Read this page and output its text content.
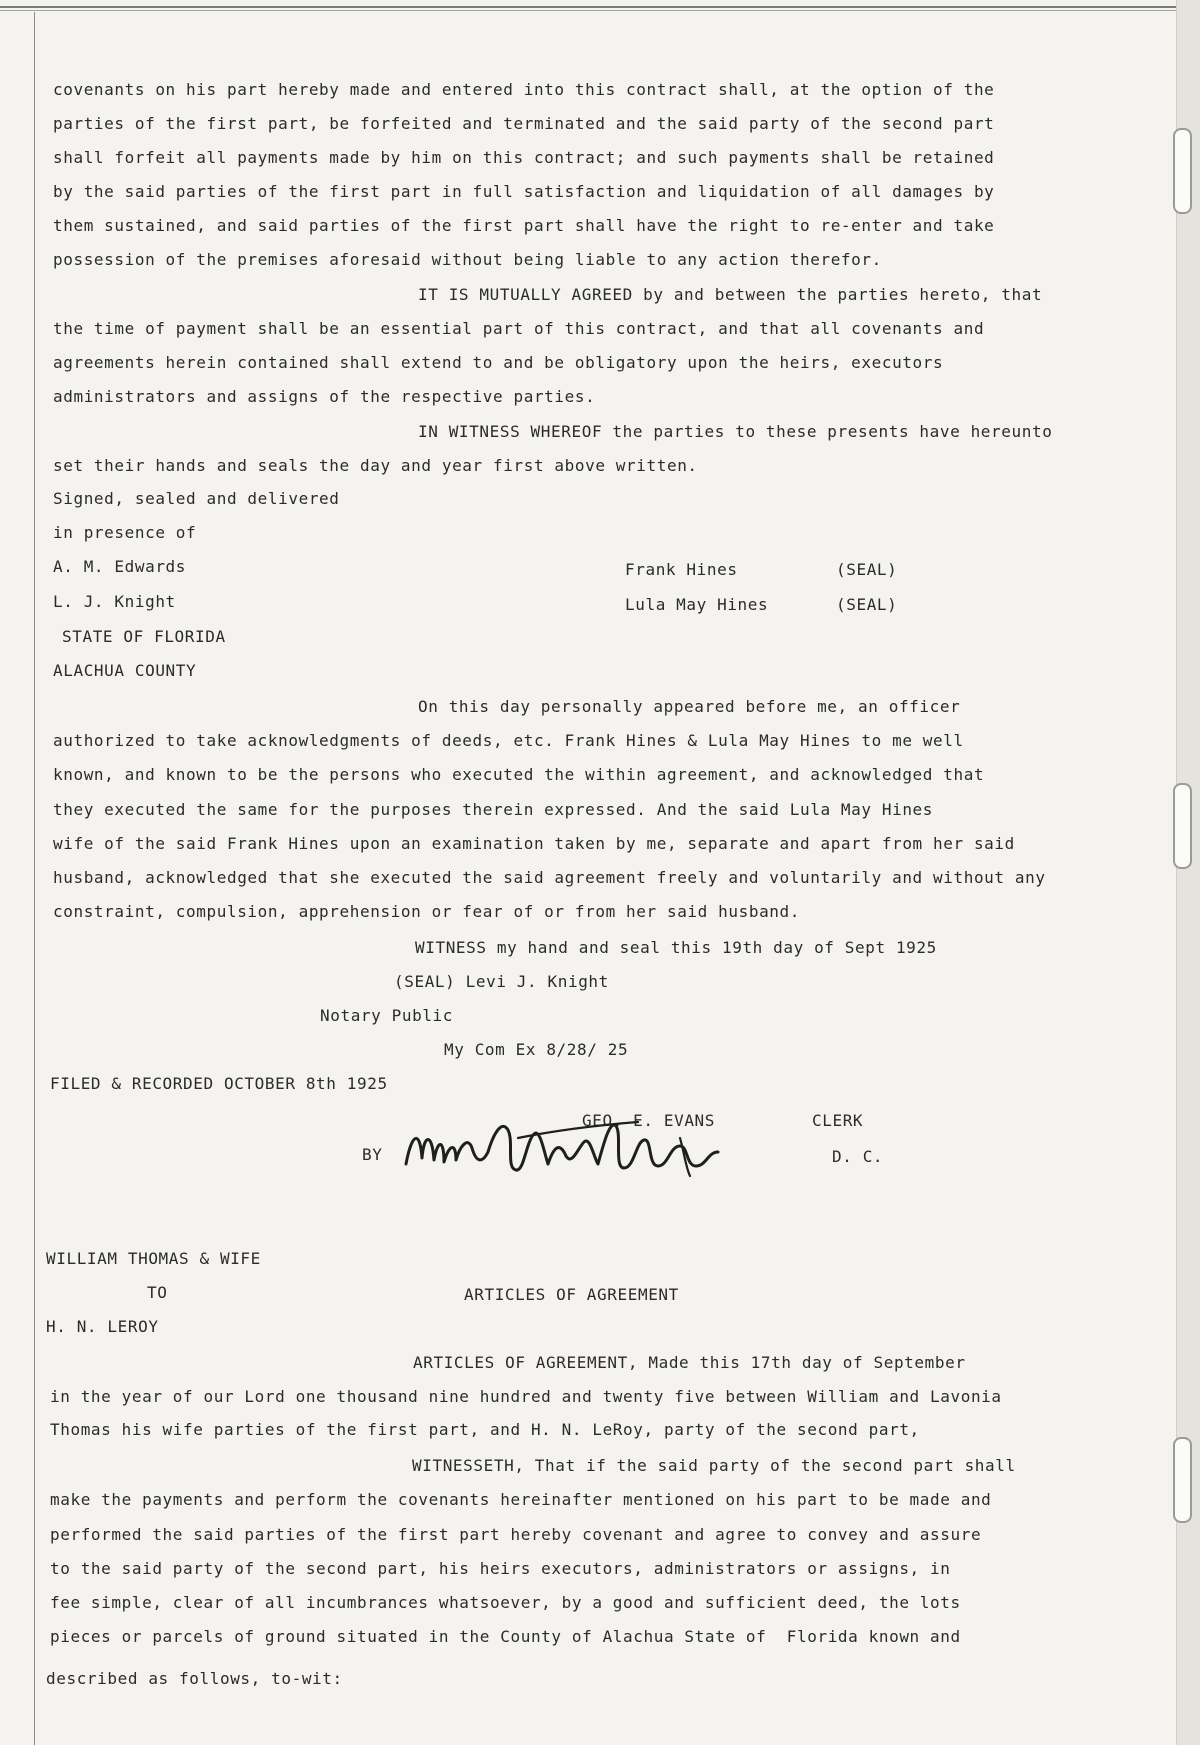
covenants on his part hereby made and entered into this contract shall, at the option of the
parties of the first part, be forfeited and terminated and the said party of the second part
shall forfeit all payments made by him on this contract; and such payments shall be retained
by the said parties of the first part in full satisfaction and liquidation of all damages by
them sustained, and said parties of the first part shall have the right to re-enter and take
possession of the premises aforesaid without being liable to any action therefor.
IT IS MUTUALLY AGREED by and between the parties hereto, that
the time of payment shall be an essential part of this contract, and that all covenants and
agreements herein contained shall extend to and be obligatory upon the heirs, executors
administrators and assigns of the respective parties.
IN WITNESS WHEREOF the parties to these presents have hereunto
set their hands and seals the day and year first above written.
Signed, sealed and delivered
in presence of
A. M. Edwards
L. J. Knight
Frank Hines	(SEAL)
Lula May Hines	(SEAL)
STATE OF FLORIDA
ALACHUA COUNTY
On this day personally appeared before me, an officer
authorized to take acknowledgments of deeds, etc. Frank Hines & Lula May Hines to me well
known, and known to be the persons who executed the within agreement, and acknowledged that
they executed the same for the purposes therein expressed. And the said Lula May Hines
wife of the said Frank Hines upon an examination taken by me, separate and apart from her said
husband, acknowledged that she executed the said agreement freely and voluntarily and without any
constraint, compulsion, apprehension or fear of or from her said husband.
WITNESS my hand and seal this 19th day of Sept 1925
(SEAL) Levi J. Knight
Notary Public
My Com Ex 8/28/ 25
FILED & RECORDED OCTOBER 8th 1925
GEO. E. EVANS	CLERK
BY	D. C.
WILLIAM THOMAS & WIFE
TO	ARTICLES OF AGREEMENT
H. N. LEROY
ARTICLES OF AGREEMENT, Made this 17th day of September
in the year of our Lord one thousand nine hundred and twenty five between William and Lavonia
Thomas his wife parties of the first part, and H. N. LeRoy, party of the second part,
WITNESSETH, That if the said party of the second part shall
make the payments and perform the covenants hereinafter mentioned on his part to be made and
performed the said parties of the first part hereby covenant and agree to convey and assure
to the said party of the second part, his heirs executors, administrators or assigns, in
fee simple, clear of all incumbrances whatsoever, by a good and sufficient deed, the lots
pieces or parcels of ground situated in the County of Alachua State of  Florida known and
described as follows, to-wit:
